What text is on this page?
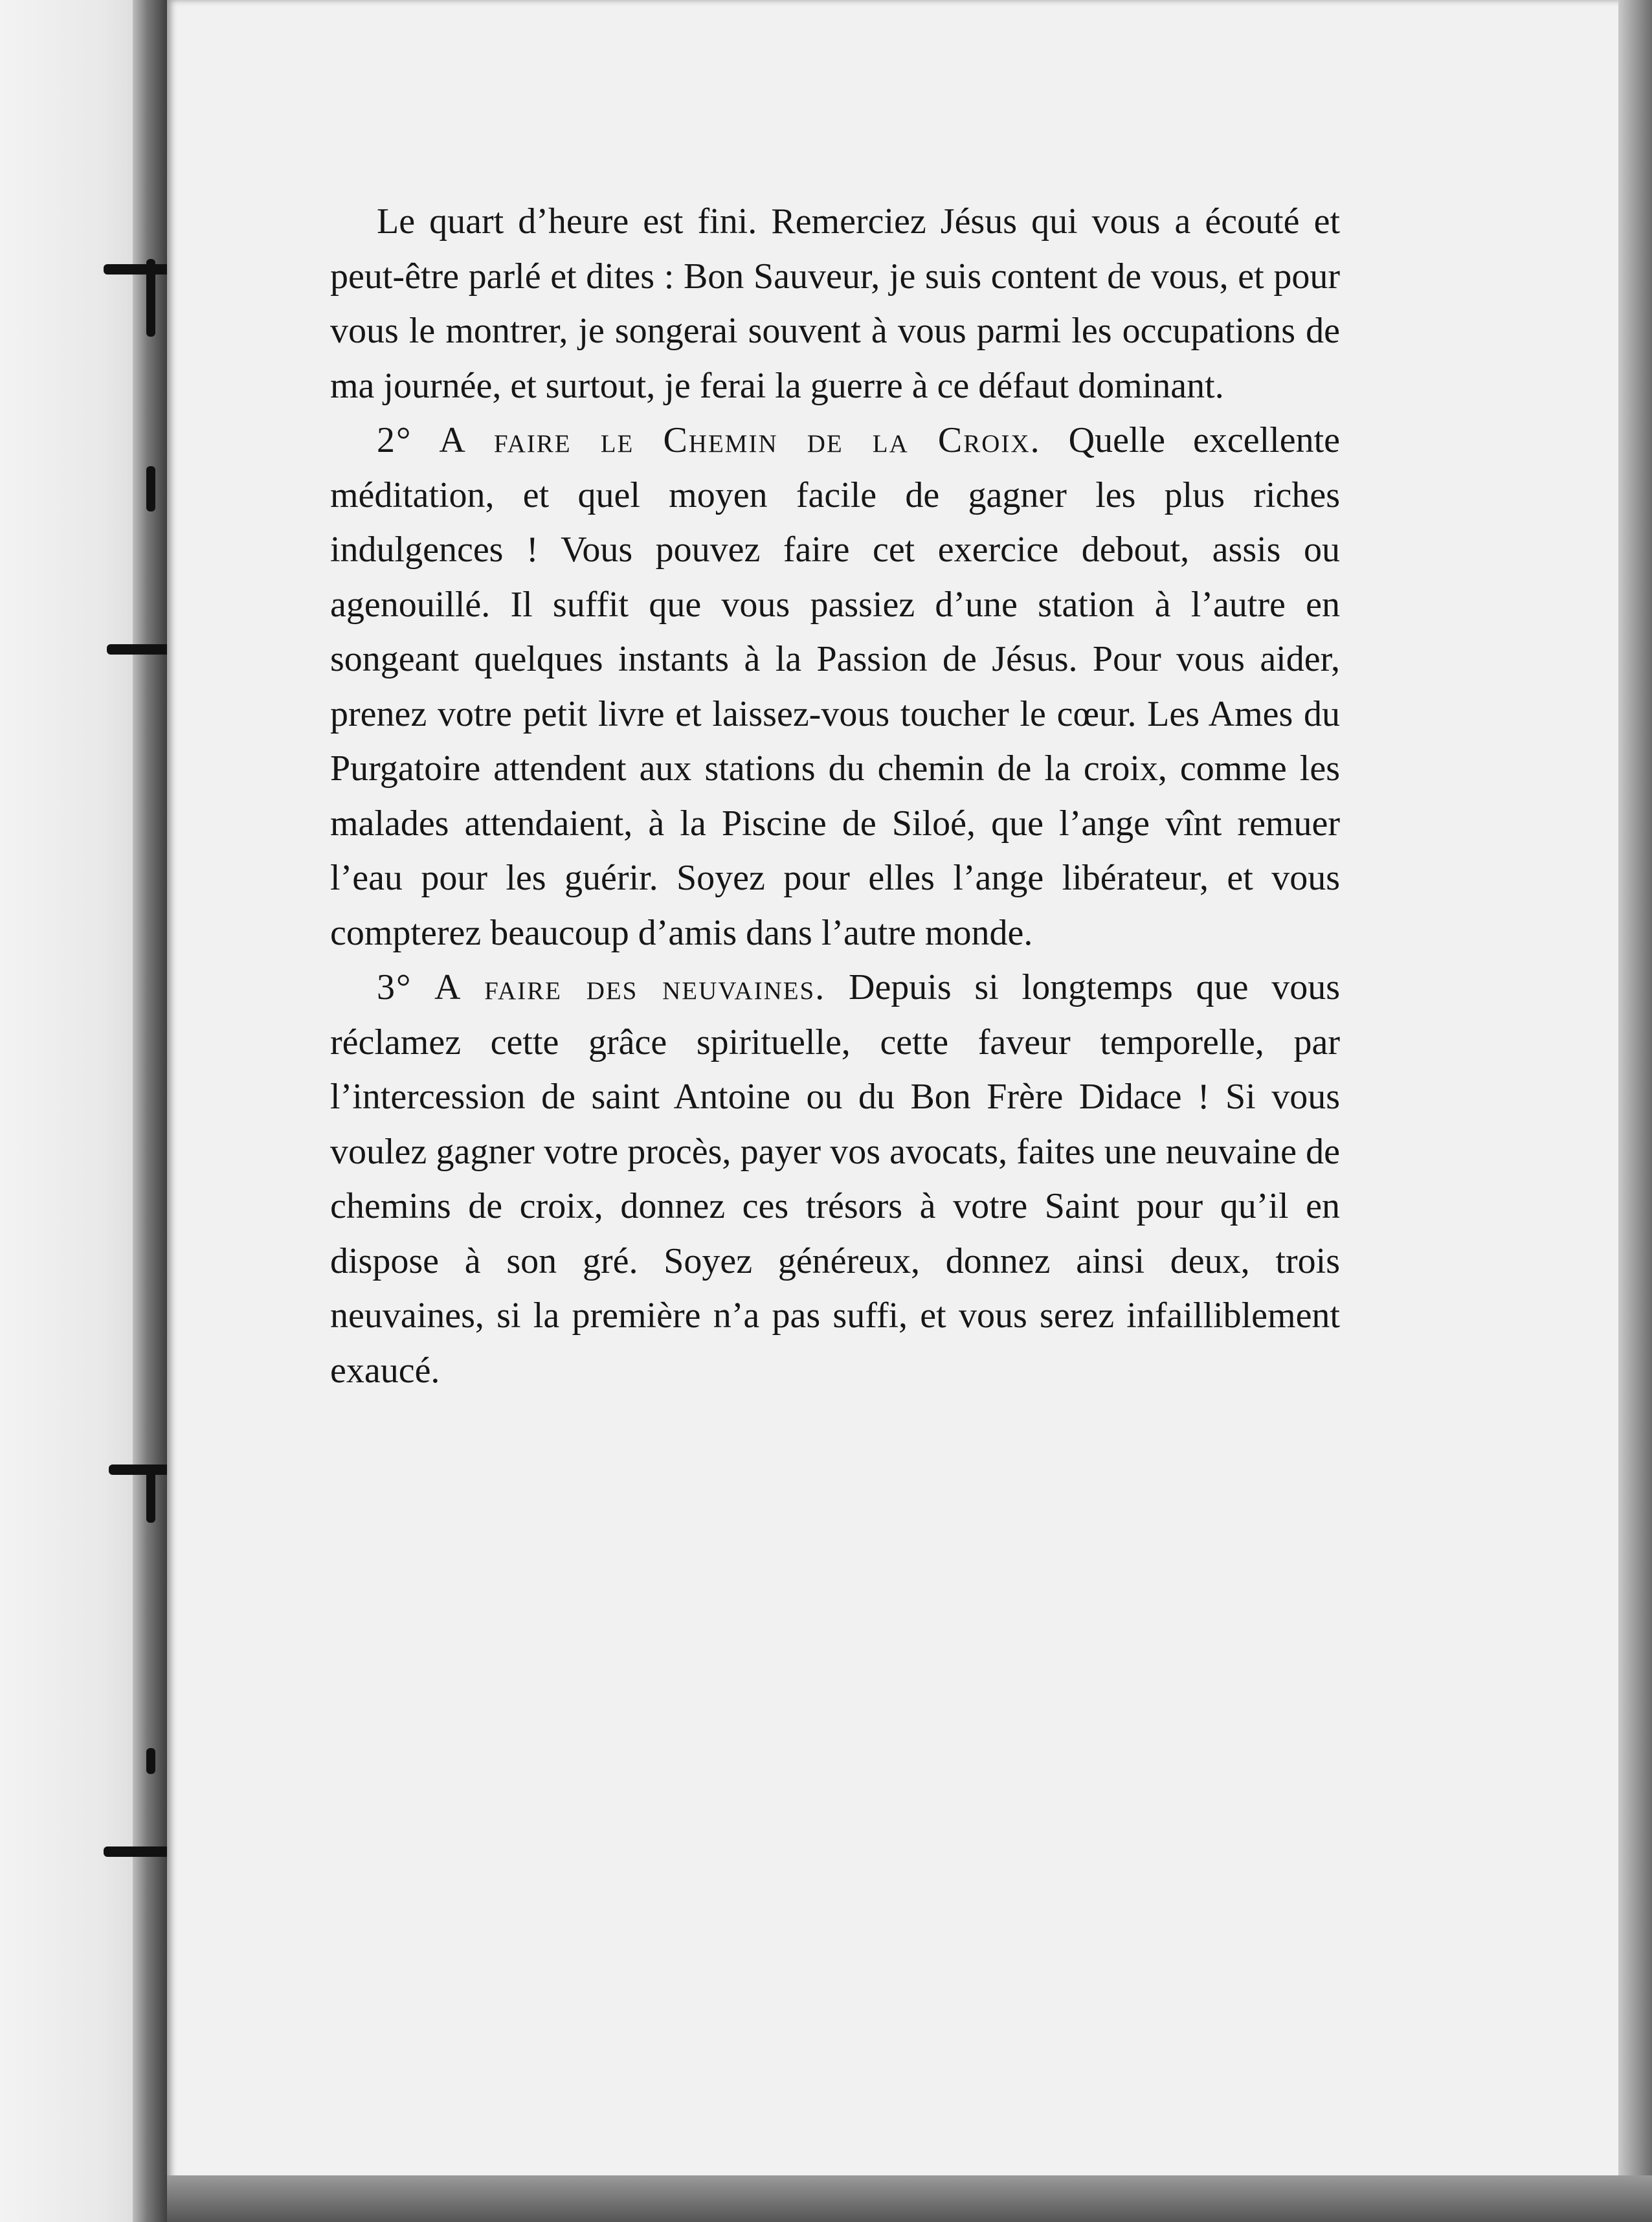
Le quart d’heure est fini. Remerciez Jésus qui vous a écouté et peut-être parlé et dites : Bon Sauveur, je suis content de vous, et pour vous le montrer, je songerai souvent à vous parmi les occupations de ma journée, et surtout, je ferai la guerre à ce défaut dominant.

2° A faire le Chemin de la Croix. Quelle excellente méditation, et quel moyen facile de gagner les plus riches indulgences ! Vous pouvez faire cet exercice debout, assis ou agenouillé. Il suffit que vous passiez d’une station à l’autre en songeant quelques instants à la Passion de Jésus. Pour vous aider, prenez votre petit livre et laissez-vous toucher le cœur. Les Ames du Purgatoire attendent aux stations du chemin de la croix, comme les malades attendaient, à la Piscine de Siloé, que l’ange vînt remuer l’eau pour les guérir. Soyez pour elles l’ange libérateur, et vous compterez beaucoup d’amis dans l’autre monde.

3° A faire des neuvaines. Depuis si longtemps que vous réclamez cette grâce spirituelle, cette faveur temporelle, par l’intercession de saint Antoine ou du Bon Frère Didace ! Si vous voulez gagner votre procès, payer vos avocats, faites une neuvaine de chemins de croix, donnez ces trésors à votre Saint pour qu’il en dispose à son gré. Soyez généreux, donnez ainsi deux, trois neuvaines, si la première n’a pas suffi, et vous serez infailliblement exaucé.
